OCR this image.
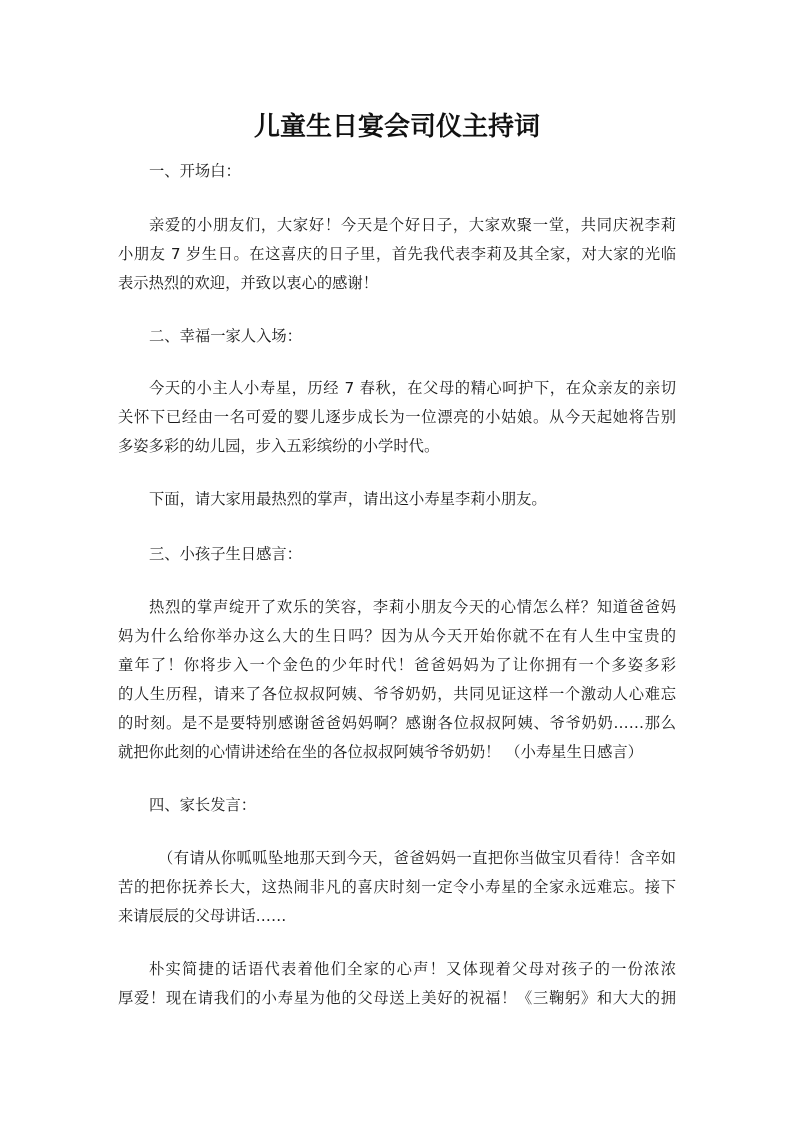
儿童生日宴会司仪主持词
一、开场白：
亲爱的小朋友们，大家好！今天是个好日子，大家欢聚一堂，共同庆祝李莉
小朋友 7 岁生日。在这喜庆的日子里，首先我代表李莉及其全家，对大家的光临
表示热烈的欢迎，并致以衷心的感谢！
二、幸福一家人入场：
今天的小主人小寿星，历经 7 春秋，在父母的精心呵护下，在众亲友的亲切
关怀下已经由一名可爱的婴儿逐步成长为一位漂亮的小姑娘。从今天起她将告别
多姿多彩的幼儿园，步入五彩缤纷的小学时代。
下面，请大家用最热烈的掌声，请出这小寿星李莉小朋友。
三、小孩子生日感言：
热烈的掌声绽开了欢乐的笑容，李莉小朋友今天的心情怎么样？知道爸爸妈
妈为什么给你举办这么大的生日吗？因为从今天开始你就不在有人生中宝贵的
童年了！你将步入一个金色的少年时代！爸爸妈妈为了让你拥有一个多姿多彩
的人生历程，请来了各位叔叔阿姨、爷爷奶奶，共同见证这样一个激动人心难忘
的时刻。是不是要特别感谢爸爸妈妈啊？感谢各位叔叔阿姨、爷爷奶奶……那么
就把你此刻的心情讲述给在坐的各位叔叔阿姨爷爷奶奶！ （小寿星生日感言）
四、家长发言：
（有请从你呱呱坠地那天到今天，爸爸妈妈一直把你当做宝贝看待！含辛如
苦的把你抚养长大，这热闹非凡的喜庆时刻一定令小寿星的全家永远难忘。接下
来请辰辰的父母讲话……
朴实简捷的话语代表着他们全家的心声！又体现着父母对孩子的一份浓浓
厚爱！现在请我们的小寿星为他的父母送上美好的祝福！《三鞠躬》和大大的拥
